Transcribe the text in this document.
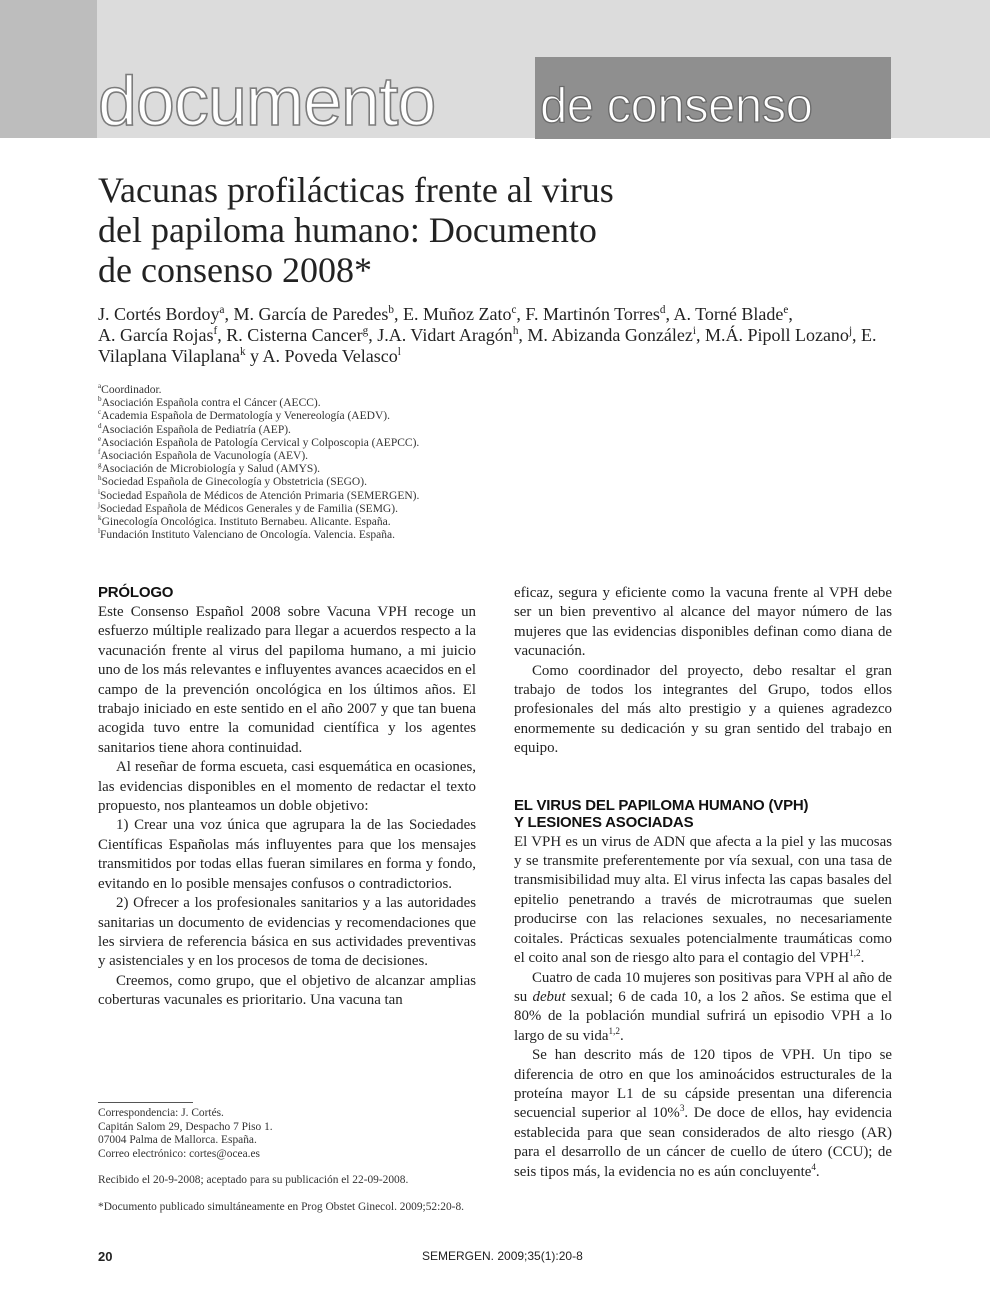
documento de consenso
Vacunas profilácticas frente al virus
del papiloma humano: Documento
de consenso 2008*
J. Cortés Bordoy$^a$, M. García de Paredes$^b$, E. Muñoz Zato$^c$, F. Martinón Torres$^d$, A. Torné Blade$^e$,
A. García Rojas$^f$, R. Cisterna Cancer$^g$, J.A. Vidart Aragón$^h$, M. Abizanda González$^i$, M.Á. Pipoll Lozano$^j$, E. Vilaplana Vilaplana$^k$ y A. Poveda Velasco$^l$
$^a$Coordinador.
$^b$Asociación Española contra el Cáncer (AECC).
$^c$Academia Española de Dermatología y Venereología (AEDV).
$^d$Asociación Española de Pediatría (AEP).
$^e$Asociación Española de Patología Cervical y Colposcopia (AEPCC).
$^f$Asociación Española de Vacunología (AEV).
$^g$Asociación de Microbiología y Salud (AMYS).
$^h$Sociedad Española de Ginecología y Obstetricia (SEGO).
$^i$Sociedad Española de Médicos de Atención Primaria (SEMERGEN).
$^j$Sociedad Española de Médicos Generales y de Familia (SEMG).
$^k$Ginecología Oncológica. Instituto Bernabeu. Alicante. España.
$^l$Fundación Instituto Valenciano de Oncología. Valencia. España.
PRÓLOGO

Este Consenso Español 2008 sobre Vacuna VPH recoge un esfuerzo múltiple realizado para llegar a acuerdos respecto a la vacunación frente al virus del papiloma humano, a mi juicio uno de los más relevantes e influyentes avances acaecidos en el campo de la prevención oncológica en los últimos años. El trabajo iniciado en este sentido en el año 2007 y que tan buena acogida tuvo entre la comunidad científica y los agentes sanitarios tiene ahora continuidad.

Al reseñar de forma escueta, casi esquemática en ocasiones, las evidencias disponibles en el momento de redactar el texto propuesto, nos planteamos un doble objetivo:

1) Crear una voz única que agrupara la de las Sociedades Científicas Españolas más influyentes para que los mensajes transmitidos por todas ellas fueran similares en forma y fondo, evitando en lo posible mensajes confusos o contradictorios.

2) Ofrecer a los profesionales sanitarios y a las autoridades sanitarias un documento de evidencias y recomendaciones que les sirviera de referencia básica en sus actividades preventivas y asistenciales y en los procesos de toma de decisiones.

Creemos, como grupo, que el objetivo de alcanzar amplias coberturas vacunales es prioritario. Una vacuna tan

eficaz, segura y eficiente como la vacuna frente al VPH debe ser un bien preventivo al alcance del mayor número de las mujeres que las evidencias disponibles definan como diana de vacunación.

Como coordinador del proyecto, debo resaltar el gran trabajo de todos los integrantes del Grupo, todos ellos profesionales del más alto prestigio y a quienes agradezco enormemente su dedicación y su gran sentido del trabajo en equipo.

EL VIRUS DEL PAPILOMA HUMANO (VPH)
Y LESIONES ASOCIADAS

El VPH es un virus de ADN que afecta a la piel y las mucosas y se transmite preferentemente por vía sexual, con una tasa de transmisibilidad muy alta. El virus infecta las capas basales del epitelio penetrando a través de microtraumas que suelen producirse con las relaciones sexuales, no necesariamente coitales. Prácticas sexuales potencialmente traumáticas como el coito anal son de riesgo alto para el contagio del VPH$^{1,2}$.

Cuatro de cada 10 mujeres son positivas para VPH al año de su debut sexual; 6 de cada 10, a los 2 años. Se estima que el 80% de la población mundial sufrirá un episodio VPH a lo largo de su vida$^{1,2}$.

Se han descrito más de 120 tipos de VPH. Un tipo se diferencia de otro en que los aminoácidos estructurales de la proteína mayor L1 de su cápside presentan una diferencia secuencial superior al 10%$^3$. De doce de ellos, hay evidencia establecida para que sean considerados de alto riesgo (AR) para el desarrollo de un cáncer de cuello de útero (CCU); de seis tipos más, la evidencia no es aún concluyente$^4$.

Correspondencia: J. Cortés.
Capitán Salom 29, Despacho 7 Piso 1.
07004 Palma de Mallorca. España.
Correo electrónico: cortes@ocea.es
Recibido el 20-9-2008; aceptado para su publicación el 22-09-2008.
*Documento publicado simultáneamente en Prog Obstet Ginecol. 2009;52:20-8.
20	SEMERGEN. 2009;35(1):20-8
